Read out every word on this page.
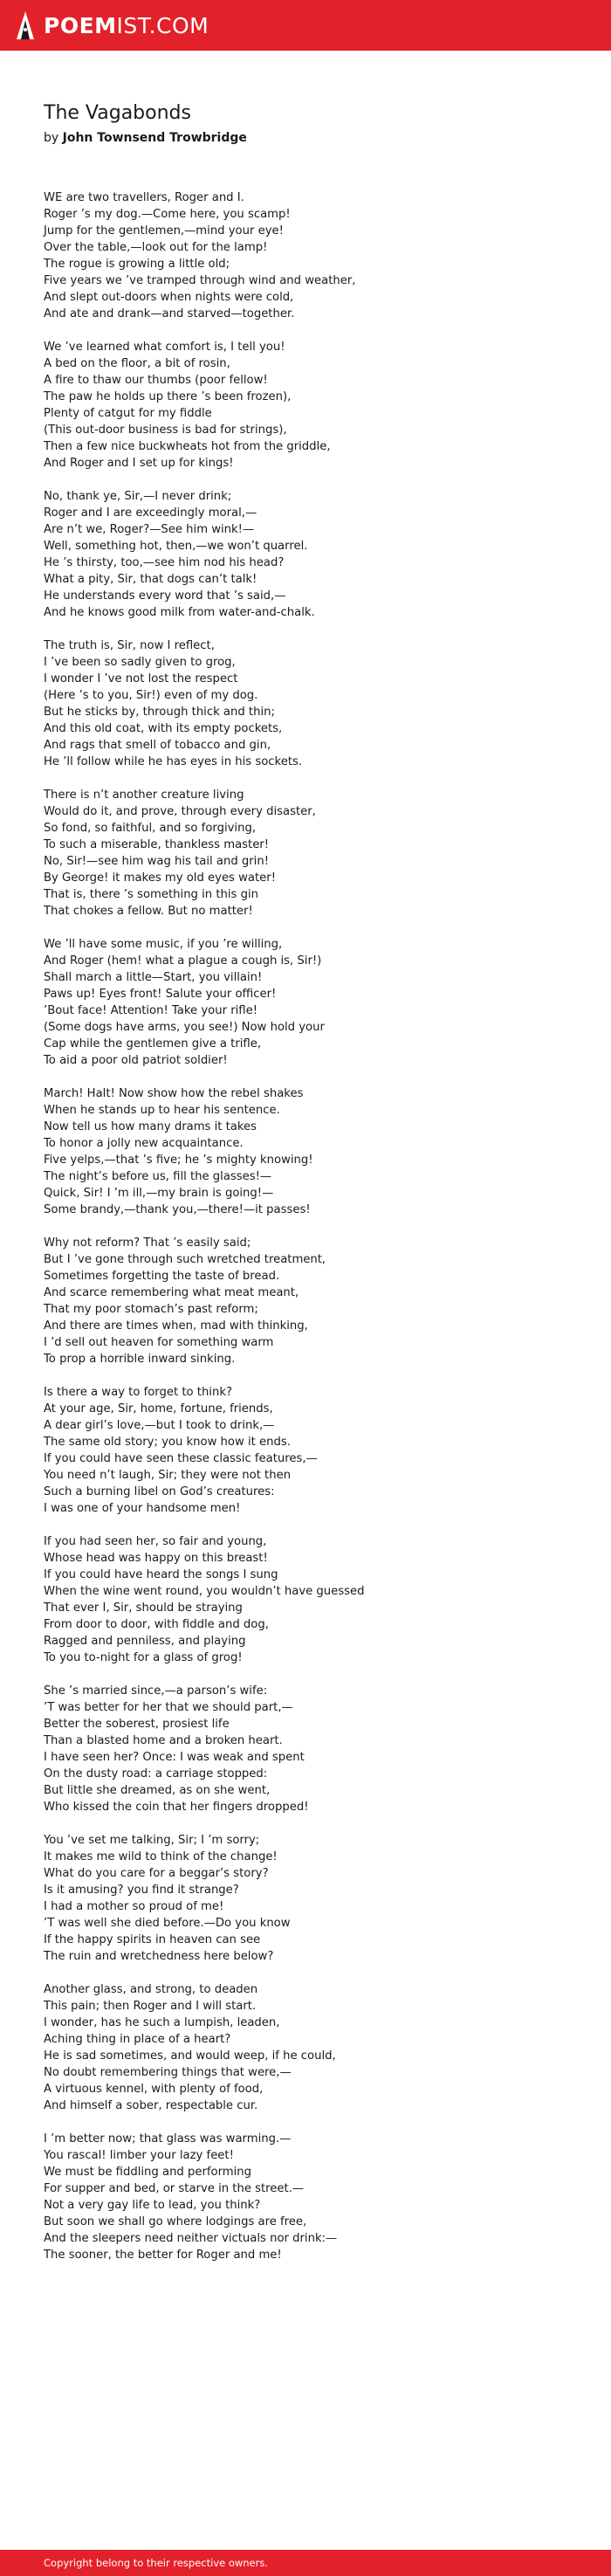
POEMIST.COM
The Vagabonds
by John Townsend Trowbridge
WE are two travellers, Roger and I.
Roger ’s my dog.—Come here, you scamp!
Jump for the gentlemen,—mind your eye!
Over the table,—look out for the lamp!
The rogue is growing a little old;
Five years we ’ve tramped through wind and weather,
And slept out-doors when nights were cold,
And ate and drank—and starved—together.
We ’ve learned what comfort is, I tell you!
A bed on the floor, a bit of rosin,
A fire to thaw our thumbs (poor fellow!
The paw he holds up there ’s been frozen),
Plenty of catgut for my fiddle
(This out-door business is bad for strings),
Then a few nice buckwheats hot from the griddle,
And Roger and I set up for kings!
No, thank ye, Sir,—I never drink;
Roger and I are exceedingly moral,—
Are n’t we, Roger?—See him wink!—
Well, something hot, then,—we won’t quarrel.
He ’s thirsty, too,—see him nod his head?
What a pity, Sir, that dogs can’t talk!
He understands every word that ’s said,—
And he knows good milk from water-and-chalk.
The truth is, Sir, now I reflect,
I ’ve been so sadly given to grog,
I wonder I ’ve not lost the respect
(Here ’s to you, Sir!) even of my dog.
But he sticks by, through thick and thin;
And this old coat, with its empty pockets,
And rags that smell of tobacco and gin,
He ’ll follow while he has eyes in his sockets.
There is n’t another creature living
Would do it, and prove, through every disaster,
So fond, so faithful, and so forgiving,
To such a miserable, thankless master!
No, Sir!—see him wag his tail and grin!
By George! it makes my old eyes water!
That is, there ’s something in this gin
That chokes a fellow. But no matter!
We ’ll have some music, if you ’re willing,
And Roger (hem! what a plague a cough is, Sir!)
Shall march a little—Start, you villain!
Paws up! Eyes front! Salute your officer!
’Bout face! Attention! Take your rifle!
(Some dogs have arms, you see!) Now hold your
Cap while the gentlemen give a trifle,
To aid a poor old patriot soldier!
March! Halt! Now show how the rebel shakes
When he stands up to hear his sentence.
Now tell us how many drams it takes
To honor a jolly new acquaintance.
Five yelps,—that ’s five; he ’s mighty knowing!
The night’s before us, fill the glasses!—
Quick, Sir! I ’m ill,—my brain is going!—
Some brandy,—thank you,—there!—it passes!
Why not reform? That ’s easily said;
But I ’ve gone through such wretched treatment,
Sometimes forgetting the taste of bread.
And scarce remembering what meat meant,
That my poor stomach’s past reform;
And there are times when, mad with thinking,
I ’d sell out heaven for something warm
To prop a horrible inward sinking.
Is there a way to forget to think?
At your age, Sir, home, fortune, friends,
A dear girl’s love,—but I took to drink,—
The same old story; you know how it ends.
If you could have seen these classic features,—
You need n’t laugh, Sir; they were not then
Such a burning libel on God’s creatures:
I was one of your handsome men!
If you had seen her, so fair and young,
Whose head was happy on this breast!
If you could have heard the songs I sung
When the wine went round, you wouldn’t have guessed
That ever I, Sir, should be straying
From door to door, with fiddle and dog,
Ragged and penniless, and playing
To you to-night for a glass of grog!
She ’s married since,—a parson’s wife:
’T was better for her that we should part,—
Better the soberest, prosiest life
Than a blasted home and a broken heart.
I have seen her? Once: I was weak and spent
On the dusty road: a carriage stopped:
But little she dreamed, as on she went,
Who kissed the coin that her fingers dropped!
You ’ve set me talking, Sir; I ’m sorry;
It makes me wild to think of the change!
What do you care for a beggar’s story?
Is it amusing? you find it strange?
I had a mother so proud of me!
’T was well she died before.—Do you know
If the happy spirits in heaven can see
The ruin and wretchedness here below?
Another glass, and strong, to deaden
This pain; then Roger and I will start.
I wonder, has he such a lumpish, leaden,
Aching thing in place of a heart?
He is sad sometimes, and would weep, if he could,
No doubt remembering things that were,—
A virtuous kennel, with plenty of food,
And himself a sober, respectable cur.
I ’m better now; that glass was warming.—
You rascal! limber your lazy feet!
We must be fiddling and performing
For supper and bed, or starve in the street.—
Not a very gay life to lead, you think?
But soon we shall go where lodgings are free,
And the sleepers need neither victuals nor drink:—
The sooner, the better for Roger and me!
Copyright belong to their respective owners.
